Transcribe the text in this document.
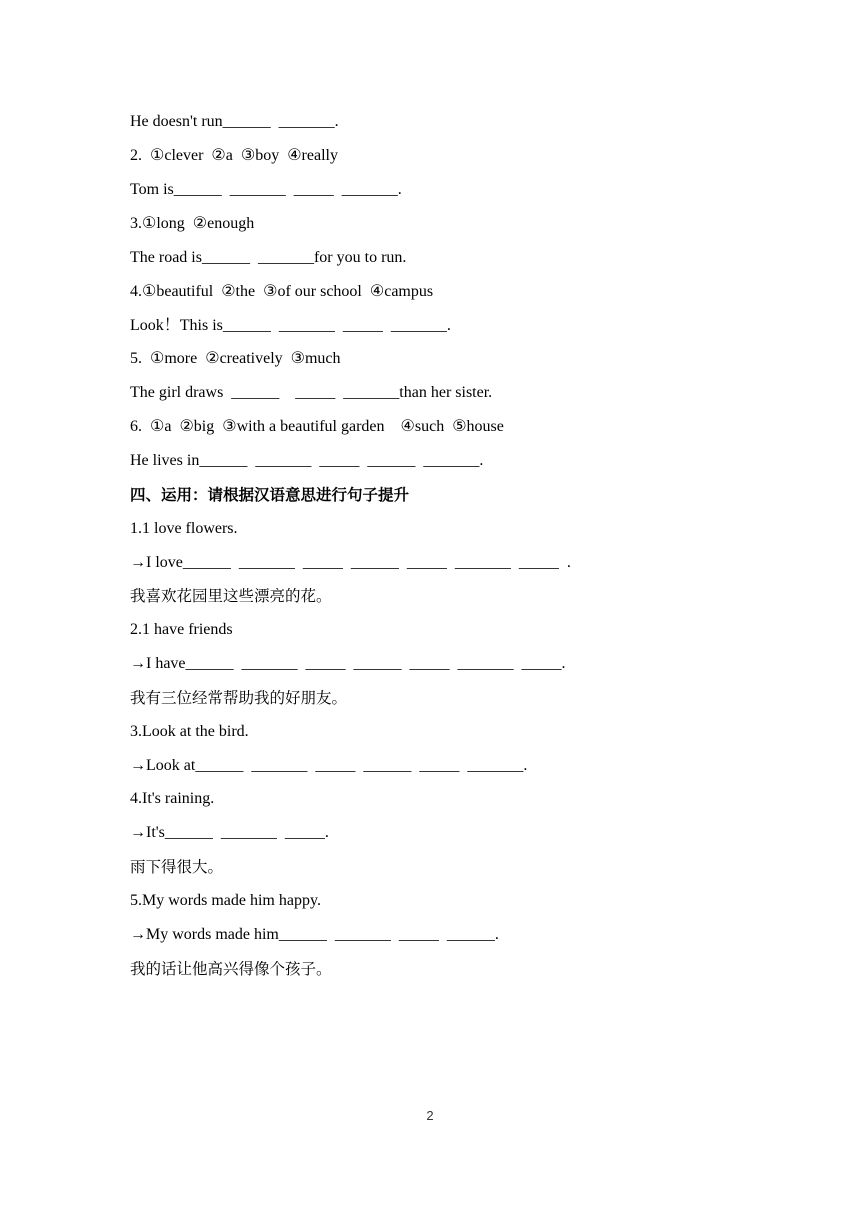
He doesn't run______  _______.
2.  ①clever  ②a  ③boy  ④really
Tom is______  _______  _____  _______.
3.①long  ②enough
The road is______  _______for you to run.
4.①beautiful  ②the  ③of our school  ④campus
Look！This is______  _______  _____  _______.
5.  ①more  ②creatively  ③much
The girl draws  ______    _____  _______than her sister.
6.  ①a  ②big  ③with a beautiful garden    ④such  ⑤house
He lives in______  _______  _____  ______  _______.
四、运用：请根据汉语意思进行句子提升
1.1 love flowers.
→I love______  _______  _____  ______  _____  _______  _____  .
我喜欢花园里这些漂亮的花。
2.1 have friends
→I have______  _______  _____  ______  _____  _______  _____.
我有三位经常帮助我的好朋友。
3.Look at the bird.
→Look at______  _______  _____  ______  _____  _______.
4.It's raining.
→It's______  _______  _____.
雨下得很大。
5.My words made him happy.
→My words made him______  _______  _____  ______.
我的话让他高兴得像个孩子。
2
